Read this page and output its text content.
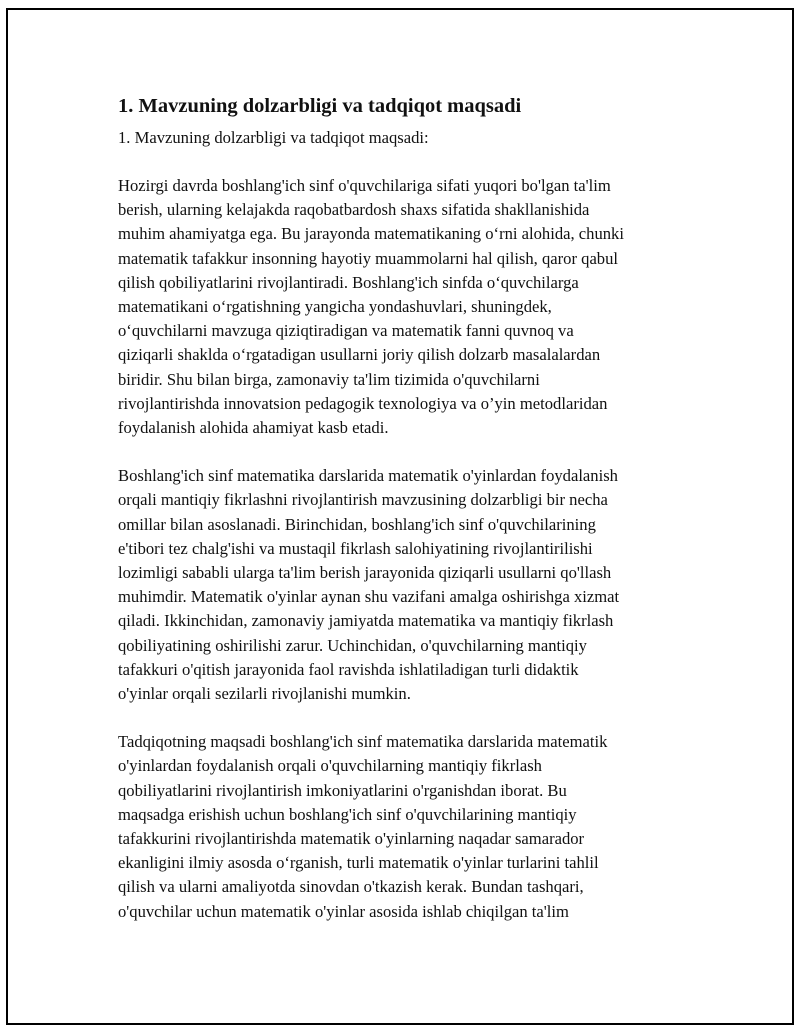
1. Mavzuning dolzarbligi va tadqiqot maqsadi
1. Mavzuning dolzarbligi va tadqiqot maqsadi:
Hozirgi davrda boshlang'ich sinf o'quvchilariga sifati yuqori bo'lgan ta'lim
berish, ularning kelajakda raqobatbardosh shaxs sifatida shakllanishida
muhim ahamiyatga ega. Bu jarayonda matematikaning o‘rni alohida, chunki
matematik tafakkur insonning hayotiy muammolarni hal qilish, qaror qabul
qilish qobiliyatlarini rivojlantiradi. Boshlang'ich sinfda o‘quvchilarga
matematikani o‘rgatishning yangicha yondashuvlari, shuningdek,
o‘quvchilarni mavzuga qiziqtiradigan va matematik fanni quvnoq va
qiziqarli shaklda o‘rgatadigan usullarni joriy qilish dolzarb masalalardan
biridir. Shu bilan birga, zamonaviy ta'lim tizimida o'quvchilarni
rivojlantirishda innovatsion pedagogik texnologiya va o’yin metodlaridan
foydalanish alohida ahamiyat kasb etadi.
Boshlang'ich sinf matematika darslarida matematik o'yinlardan foydalanish
orqali mantiqiy fikrlashni rivojlantirish mavzusining dolzarbligi bir necha
omillar bilan asoslanadi. Birinchidan, boshlang'ich sinf o'quvchilarining
e'tibori tez chalg'ishi va mustaqil fikrlash salohiyatining rivojlantirilishi
lozimligi sababli ularga ta'lim berish jarayonida qiziqarli usullarni qo'llash
muhimdir. Matematik o'yinlar aynan shu vazifani amalga oshirishga xizmat
qiladi. Ikkinchidan, zamonaviy jamiyatda matematika va mantiqiy fikrlash
qobiliyatining oshirilishi zarur. Uchinchidan, o'quvchilarning mantiqiy
tafakkuri o'qitish jarayonida faol ravishda ishlatiladigan turli didaktik
o'yinlar orqali sezilarli rivojlanishi mumkin.
Tadqiqotning maqsadi boshlang'ich sinf matematika darslarida matematik
o'yinlardan foydalanish orqali o'quvchilarning mantiqiy fikrlash
qobiliyatlarini rivojlantirish imkoniyatlarini o'rganishdan iborat. Bu
maqsadga erishish uchun boshlang'ich sinf o'quvchilarining mantiqiy
tafakkurini rivojlantirishda matematik o'yinlarning naqadar samarador
ekanligini ilmiy asosda o‘rganish, turli matematik o'yinlar turlarini tahlil
qilish va ularni amaliyotda sinovdan o'tkazish kerak. Bundan tashqari,
o'quvchilar uchun matematik o'yinlar asosida ishlab chiqilgan ta'lim
